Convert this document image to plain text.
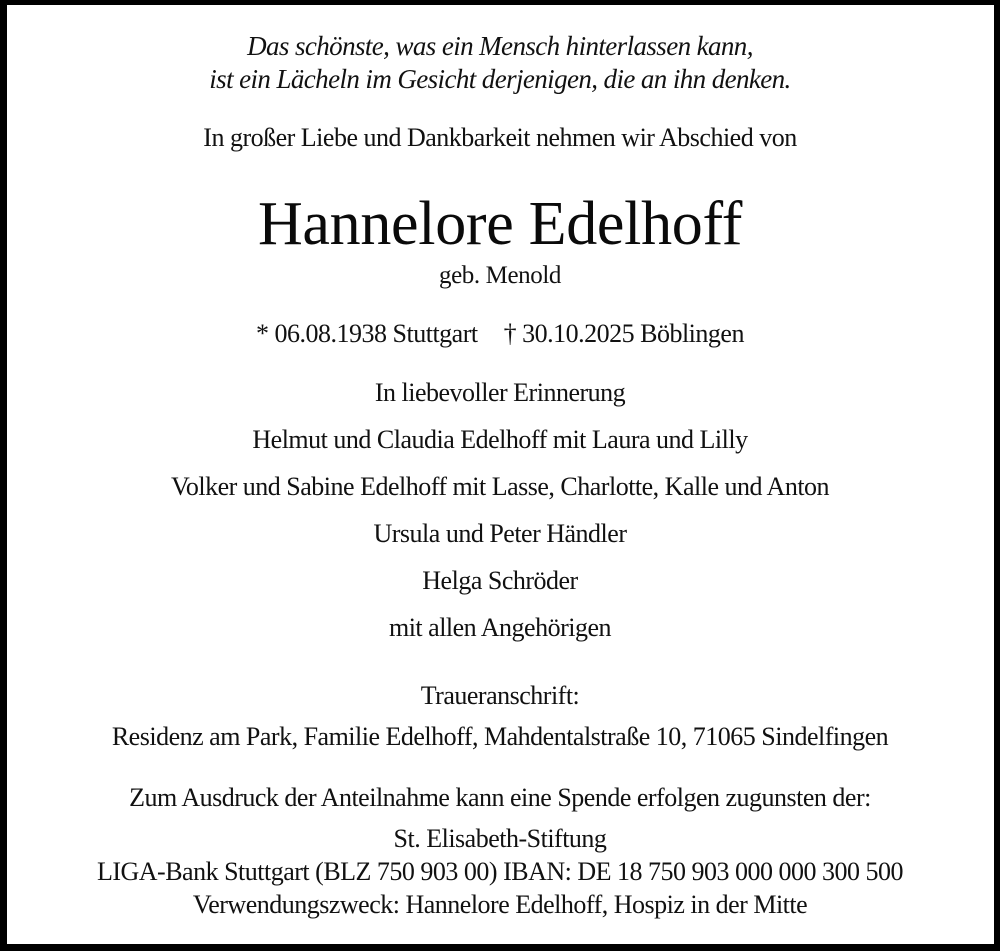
Das schönste, was ein Mensch hinterlassen kann,
ist ein Lächeln im Gesicht derjenigen, die an ihn denken.
In großer Liebe und Dankbarkeit nehmen wir Abschied von
Hannelore Edelhoff
geb. Menold
* 06.08.1938 Stuttgart † 30.10.2025 Böblingen
In liebevoller Erinnerung
Helmut und Claudia Edelhoff mit Laura und Lilly
Volker und Sabine Edelhoff mit Lasse, Charlotte, Kalle und Anton
Ursula und Peter Händler
Helga Schröder
mit allen Angehörigen
Traueranschrift:
Residenz am Park, Familie Edelhoff, Mahdentalstraße 10, 71065 Sindelfingen
Zum Ausdruck der Anteilnahme kann eine Spende erfolgen zugunsten der:
St. Elisabeth-Stiftung
LIGA-Bank Stuttgart (BLZ 750 903 00) IBAN: DE 18 750 903 000 000 300 500
Verwendungszweck: Hannelore Edelhoff, Hospiz in der Mitte
